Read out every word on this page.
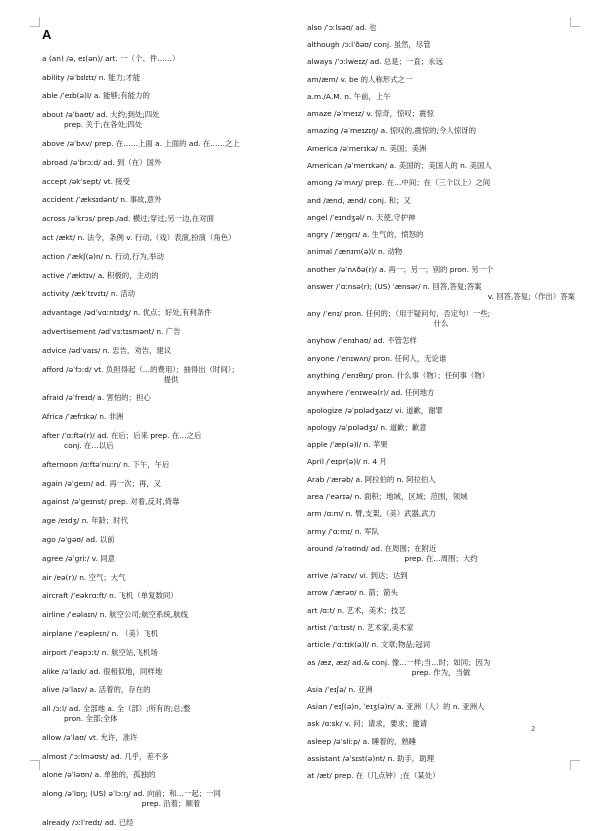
A
a (an) /ə, eɪ(ən)/ art. 一（个、件……）
ability /əˈbɪlɪtɪ/ n. 能力;才能
able /ˈeɪb(ə)l/ a. 能够;有能力的
about /əˈbaʊt/ ad. 大约;到处;四处
prep. 关于;在各处;四处
above /əˈbʌv/ prep. 在……上面 a. 上面的 ad. 在……之上
abroad /əˈbrɔːd/ ad. 到（在）国外
accept /əkˈsept/ vt. 接受
accident /ˈæksɪdənt/ n. 事故,意外
across /əˈkrɔs/ prep./ad. 横过;穿过;另一边,在对面
act /ækt/ n. 法令，条例 v. 行动,（戏）表演,扮演（角色）
action /ˈækʃ(ə)n/ n. 行动,行为,举动
active /ˈæktɪv/ a. 积极的，主动的
activity /ækˈtɪvɪtɪ/ n. 活动
advantage /ədˈvɑːntɪdʒ/ n. 优点；好处,有利条件
advertisement /ədˈvɜːtɪsmənt/ n. 广告
advice /ədˈvaɪs/ n. 忠告，劝告，建议
afford /əˈfɔːd/ vt. 负担得起（…的费用）；抽得出（时间）；
提供
afraid /əˈfreɪd/ a. 害怕的；担心
Africa /ˈæfrɪkə/ n. 非洲
after /ˈɑːftə(r)/ ad. 在后；后来 prep. 在…之后
conj. 在…以后
afternoon /ɑːftəˈnuːn/ n. 下午，午后
again /əˈɡeɪn/ ad. 再一次；再，又
against /əˈɡeɪnst/ prep. 对着,反对,倚靠
age /eɪdʒ/ n. 年龄；时代
ago /əˈɡəʊ/ ad. 以前
agree /əˈɡriː/ v. 同意
air /eə(r)/ n. 空气；大气
aircraft /ˈeəkrɑːft/ n. 飞机（单复数同）
airline /ˈeəlaɪn/ n. 航空公司;航空系统,航线
airplane /ˈeəpleɪn/ n. （美）飞机
airport /ˈeəpɔːt/ n. 航空站,飞机场
alike /əˈlaɪk/ ad. 很相似地，同样地
alive /əˈlaɪv/ a. 活着的，存在的
all /ɔːl/ ad. 全部地 a. 全（部）;所有的;总;整
pron. 全部;全体
allow /əˈlaʊ/ vt. 允许，准许
almost /ˈɔːlməʊst/ ad. 几乎，差不多
alone /əˈləʊn/ a. 单独的，孤独的
along /əˈlɒŋ; (US) əˈlɔːŋ/ ad. 向前；和…一起；一同
prep. 沿着；顺着
already /ɔːlˈredɪ/ ad. 已经
also /ˈɔːlsəʊ/ ad. 也
although /ɔːlˈðəʊ/ conj. 虽然，尽管
always /ˈɔːlweɪz/ ad. 总是；一直；永远
am/æm/ v. be 的人称形式之一
a.m./A.M. n. 午前，上午
amaze /əˈmeɪz/ v. 惊奇，惊叹；震惊
amazing /əˈmeɪzɪŋ/ a. 惊叹的,震惊的;令人惊讶的
America /əˈmerɪkə/ n. 美国；美洲
American /əˈmerɪkən/ a. 美国的；美国人的 n. 美国人
among /əˈmʌŋ/ prep. 在…中间；在（三个以上）之间
and /ænd, ænd/ conj. 和；又
angel /ˈeɪndʒəl/ n. 天使,守护神
angry /ˈæŋɡrɪ/ a. 生气的，愤怒的
animal /ˈænɪm(ə)l/ n. 动物
another /əˈnʌðə(r)/ a. 再一；另一；别的 pron. 另一个
answer /ˈɑːnsə(r); (US) ˈænsər/ n. 回答,答复;答案
v. 回答,答复;（作出）答案
any /ˈenɪ/ pron. 任何的；（用于疑问句、否定句）一些;
什么
anyhow /ˈenɪhaʊ/ ad. 不管怎样
anyone /ˈenɪwʌn/ pron. 任何人，无论谁
anything /ˈenɪθɪŋ/ pron. 什么事（物）；任何事（物）
anywhere /ˈenɪweə(r)/ ad. 任何地方
apologize /əˈpɒlədʒaɪz/ vi. 道歉，谢罪
apology /əˈpɒlədʒɪ/ n. 道歉；歉意
apple /ˈæp(ə)l/ n. 苹果
April /ˈeɪpr(ə)l/ n. 4 月
Arab /ˈærəb/ a. 阿拉伯的 n. 阿拉伯人
area /ˈeərɪə/ n. 面积；地域，区域；范围，领域
arm /ɑːm/ n. 臂,支架,（美）武器,武力
army /ˈɑːmɪ/ n. 军队
around /əˈraʊnd/ ad. 在周围；在附近
prep. 在…周围；大约
arrive /əˈraɪv/ vi. 到达；达到
arrow /ˈærəʊ/ n. 箭；箭头
art /ɑːt/ n. 艺术，美术；技艺
artist /ˈɑːtɪst/ n. 艺术家,美术家
article /ˈɑːtɪk(ə)l/ n. 文章;物品;冠词
as /æz, æz/ ad.& conj. 像…一样;当…时；如同；因为
prep. 作为，当做
Asia /ˈeɪʃə/ n. 亚洲
Asian /ˈeɪʃ(ə)n, ˈeɪʒ(ə)n/ a. 亚洲（人）的 n. 亚洲人
ask /ɑːsk/ v. 问；请求，要求；邀请
asleep /əˈsliːp/ a. 睡着的，熟睡
assistant /əˈsɪst(ə)nt/ n. 助手，助理
at /æt/ prep. 在（几点钟）;在（某处）
2
